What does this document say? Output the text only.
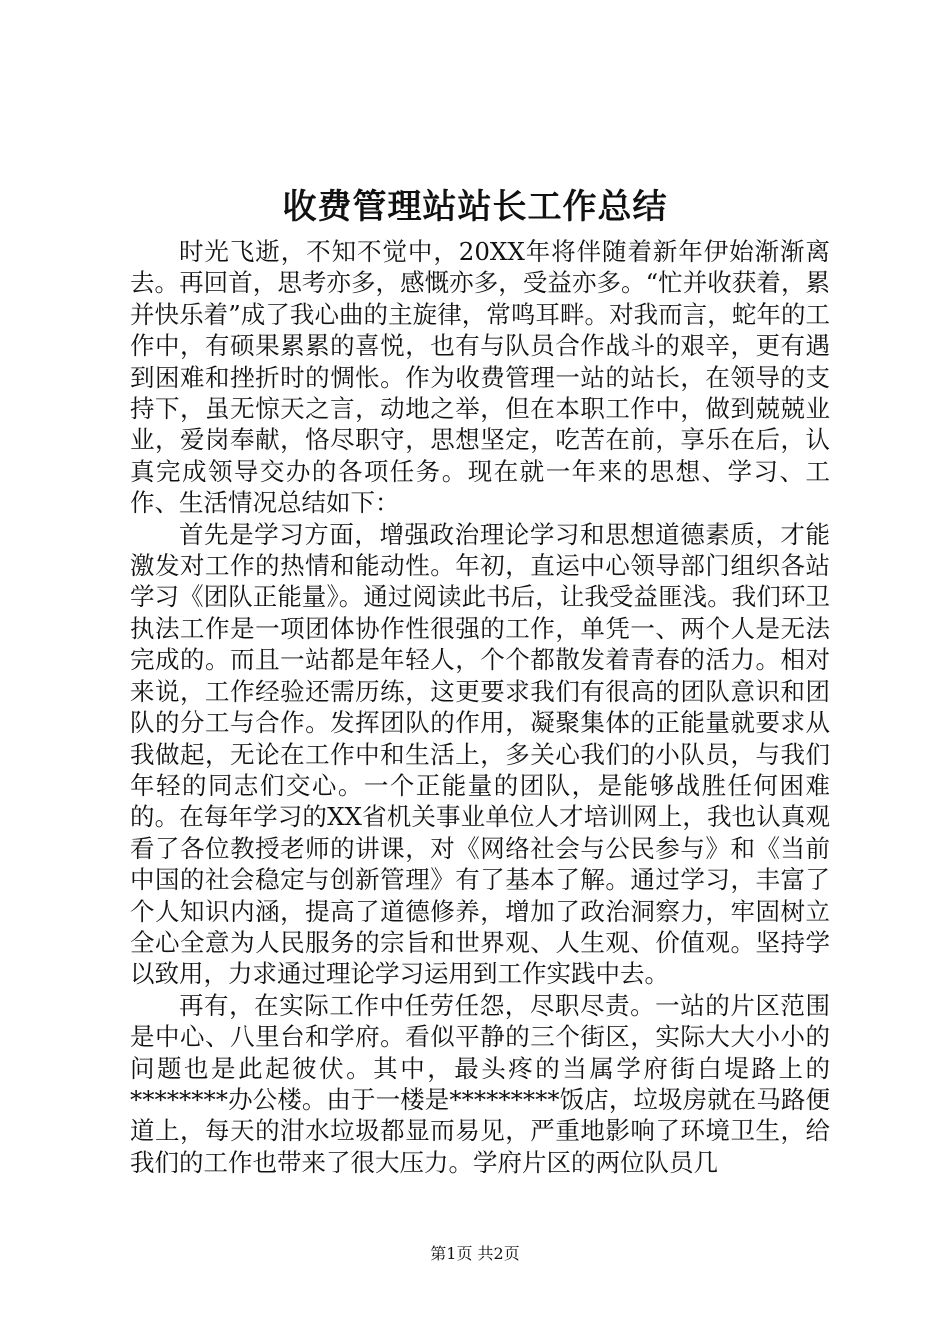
收费管理站站长工作总结

时光飞逝，不知不觉中，20XX年将伴随着新年伊始渐渐离去。再回首，思考亦多，感慨亦多，受益亦多。“忙并收获着，累并快乐着”成了我心曲的主旋律，常鸣耳畔。对我而言，蛇年的工作中，有硕果累累的喜悦，也有与队员合作战斗的艰辛，更有遇到困难和挫折时的惆怅。作为收费管理一站的站长，在领导的支持下，虽无惊天之言，动地之举，但在本职工作中，做到兢兢业业，爱岗奉献，恪尽职守，思想坚定，吃苦在前，享乐在后，认真完成领导交办的各项任务。现在就一年来的思想、学习、工作、生活情况总结如下：

首先是学习方面，增强政治理论学习和思想道德素质，才能激发对工作的热情和能动性。年初，直运中心领导部门组织各站学习《团队正能量》。通过阅读此书后，让我受益匪浅。我们环卫执法工作是一项团体协作性很强的工作，单凭一、两个人是无法完成的。而且一站都是年轻人，个个都散发着青春的活力。相对来说，工作经验还需历练，这更要求我们有很高的团队意识和团队的分工与合作。发挥团队的作用，凝聚集体的正能量就要求从我做起，无论在工作中和生活上，多关心我们的小队员，与我们年轻的同志们交心。一个正能量的团队，是能够战胜任何困难的。在每年学习的XX省机关事业单位人才培训网上，我也认真观看了各位教授老师的讲课，对《网络社会与公民参与》和《当前中国的社会稳定与创新管理》有了基本了解。通过学习，丰富了个人知识内涵，提高了道德修养，增加了政治洞察力，牢固树立全心全意为人民服务的宗旨和世界观、人生观、价值观。坚持学以致用，力求通过理论学习运用到工作实践中去。

再有，在实际工作中任劳任怨，尽职尽责。一站的片区范围是中心、八里台和学府。看似平静的三个街区，实际大大小小的问题也是此起彼伏。其中，最头疼的当属学府街白堤路上的********办公楼。由于一楼是*********饭店，垃圾房就在马路便道上，每天的泔水垃圾都显而易见，严重地影响了环境卫生，给我们的工作也带来了很大压力。学府片区的两位队员几

第1页 共2页
